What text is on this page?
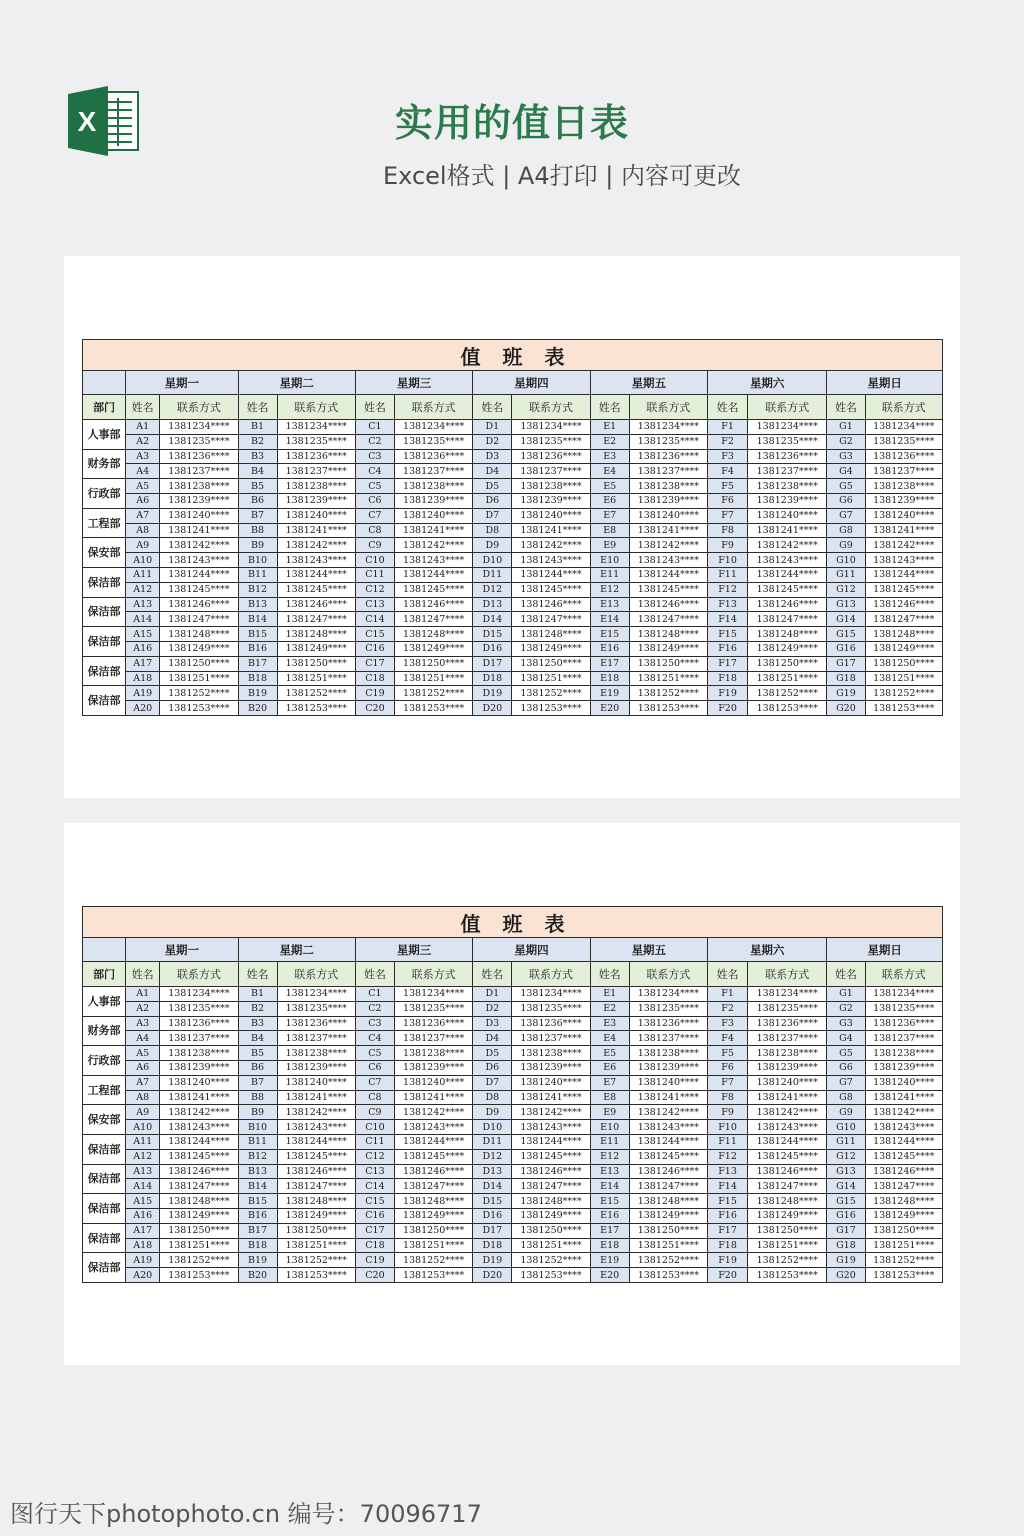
X	实用的值日表
Excel格式 | A4打印 | 内容可更改
值班表														
	星期一		星期二		星期三		星期四		星期五		星期六		星期日	
部门	姓名	联系方式	姓名	联系方式	姓名	联系方式	姓名	联系方式	姓名	联系方式	姓名	联系方式	姓名	联系方式
人事部	A1	1381234****	B1	1381234****	C1	1381234****	D1	1381234****	E1	1381234****	F1	1381234****	G1	1381234****
	A2	1381235****	B2	1381235****	C2	1381235****	D2	1381235****	E2	1381235****	F2	1381235****	G2	1381235****
财务部	A3	1381236****	B3	1381236****	C3	1381236****	D3	1381236****	E3	1381236****	F3	1381236****	G3	1381236****
	A4	1381237****	B4	1381237****	C4	1381237****	D4	1381237****	E4	1381237****	F4	1381237****	G4	1381237****
行政部	A5	1381238****	B5	1381238****	C5	1381238****	D5	1381238****	E5	1381238****	F5	1381238****	G5	1381238****
	A6	1381239****	B6	1381239****	C6	1381239****	D6	1381239****	E6	1381239****	F6	1381239****	G6	1381239****
工程部	A7	1381240****	B7	1381240****	C7	1381240****	D7	1381240****	E7	1381240****	F7	1381240****	G7	1381240****
	A8	1381241****	B8	1381241****	C8	1381241****	D8	1381241****	E8	1381241****	F8	1381241****	G8	1381241****
保安部	A9	1381242****	B9	1381242****	C9	1381242****	D9	1381242****	E9	1381242****	F9	1381242****	G9	1381242****
	A10	1381243****	B10	1381243****	C10	1381243****	D10	1381243****	E10	1381243****	F10	1381243****	G10	1381243****
保洁部	A11	1381244****	B11	1381244****	C11	1381244****	D11	1381244****	E11	1381244****	F11	1381244****	G11	1381244****
	A12	1381245****	B12	1381245****	C12	1381245****	D12	1381245****	E12	1381245****	F12	1381245****	G12	1381245****
保洁部	A13	1381246****	B13	1381246****	C13	1381246****	D13	1381246****	E13	1381246****	F13	1381246****	G13	1381246****
	A14	1381247****	B14	1381247****	C14	1381247****	D14	1381247****	E14	1381247****	F14	1381247****	G14	1381247****
保洁部	A15	1381248****	B15	1381248****	C15	1381248****	D15	1381248****	E15	1381248****	F15	1381248****	G15	1381248****
	A16	1381249****	B16	1381249****	C16	1381249****	D16	1381249****	E16	1381249****	F16	1381249****	G16	1381249****
保洁部	A17	1381250****	B17	1381250****	C17	1381250****	D17	1381250****	E17	1381250****	F17	1381250****	G17	1381250****
	A18	1381251****	B18	1381251****	C18	1381251****	D18	1381251****	E18	1381251****	F18	1381251****	G18	1381251****
保洁部	A19	1381252****	B19	1381252****	C19	1381252****	D19	1381252****	E19	1381252****	F19	1381252****	G19	1381252****
	A20	1381253****	B20	1381253****	C20	1381253****	D20	1381253****	E20	1381253****	F20	1381253****	G20	1381253****
值班表														
	星期一		星期二		星期三		星期四		星期五		星期六		星期日	
部门	姓名	联系方式	姓名	联系方式	姓名	联系方式	姓名	联系方式	姓名	联系方式	姓名	联系方式	姓名	联系方式
人事部	A1	1381234****	B1	1381234****	C1	1381234****	D1	1381234****	E1	1381234****	F1	1381234****	G1	1381234****
	A2	1381235****	B2	1381235****	C2	1381235****	D2	1381235****	E2	1381235****	F2	1381235****	G2	1381235****
财务部	A3	1381236****	B3	1381236****	C3	1381236****	D3	1381236****	E3	1381236****	F3	1381236****	G3	1381236****
	A4	1381237****	B4	1381237****	C4	1381237****	D4	1381237****	E4	1381237****	F4	1381237****	G4	1381237****
行政部	A5	1381238****	B5	1381238****	C5	1381238****	D5	1381238****	E5	1381238****	F5	1381238****	G5	1381238****
	A6	1381239****	B6	1381239****	C6	1381239****	D6	1381239****	E6	1381239****	F6	1381239****	G6	1381239****
工程部	A7	1381240****	B7	1381240****	C7	1381240****	D7	1381240****	E7	1381240****	F7	1381240****	G7	1381240****
	A8	1381241****	B8	1381241****	C8	1381241****	D8	1381241****	E8	1381241****	F8	1381241****	G8	1381241****
保安部	A9	1381242****	B9	1381242****	C9	1381242****	D9	1381242****	E9	1381242****	F9	1381242****	G9	1381242****
	A10	1381243****	B10	1381243****	C10	1381243****	D10	1381243****	E10	1381243****	F10	1381243****	G10	1381243****
保洁部	A11	1381244****	B11	1381244****	C11	1381244****	D11	1381244****	E11	1381244****	F11	1381244****	G11	1381244****
	A12	1381245****	B12	1381245****	C12	1381245****	D12	1381245****	E12	1381245****	F12	1381245****	G12	1381245****
保洁部	A13	1381246****	B13	1381246****	C13	1381246****	D13	1381246****	E13	1381246****	F13	1381246****	G13	1381246****
	A14	1381247****	B14	1381247****	C14	1381247****	D14	1381247****	E14	1381247****	F14	1381247****	G14	1381247****
保洁部	A15	1381248****	B15	1381248****	C15	1381248****	D15	1381248****	E15	1381248****	F15	1381248****	G15	1381248****
	A16	1381249****	B16	1381249****	C16	1381249****	D16	1381249****	E16	1381249****	F16	1381249****	G16	1381249****
保洁部	A17	1381250****	B17	1381250****	C17	1381250****	D17	1381250****	E17	1381250****	F17	1381250****	G17	1381250****
	A18	1381251****	B18	1381251****	C18	1381251****	D18	1381251****	E18	1381251****	F18	1381251****	G18	1381251****
保洁部	A19	1381252****	B19	1381252****	C19	1381252****	D19	1381252****	E19	1381252****	F19	1381252****	G19	1381252****
	A20	1381253****	B20	1381253****	C20	1381253****	D20	1381253****	E20	1381253****	F20	1381253****	G20	1381253****
图行天下photophoto.cn 编号：70096717
